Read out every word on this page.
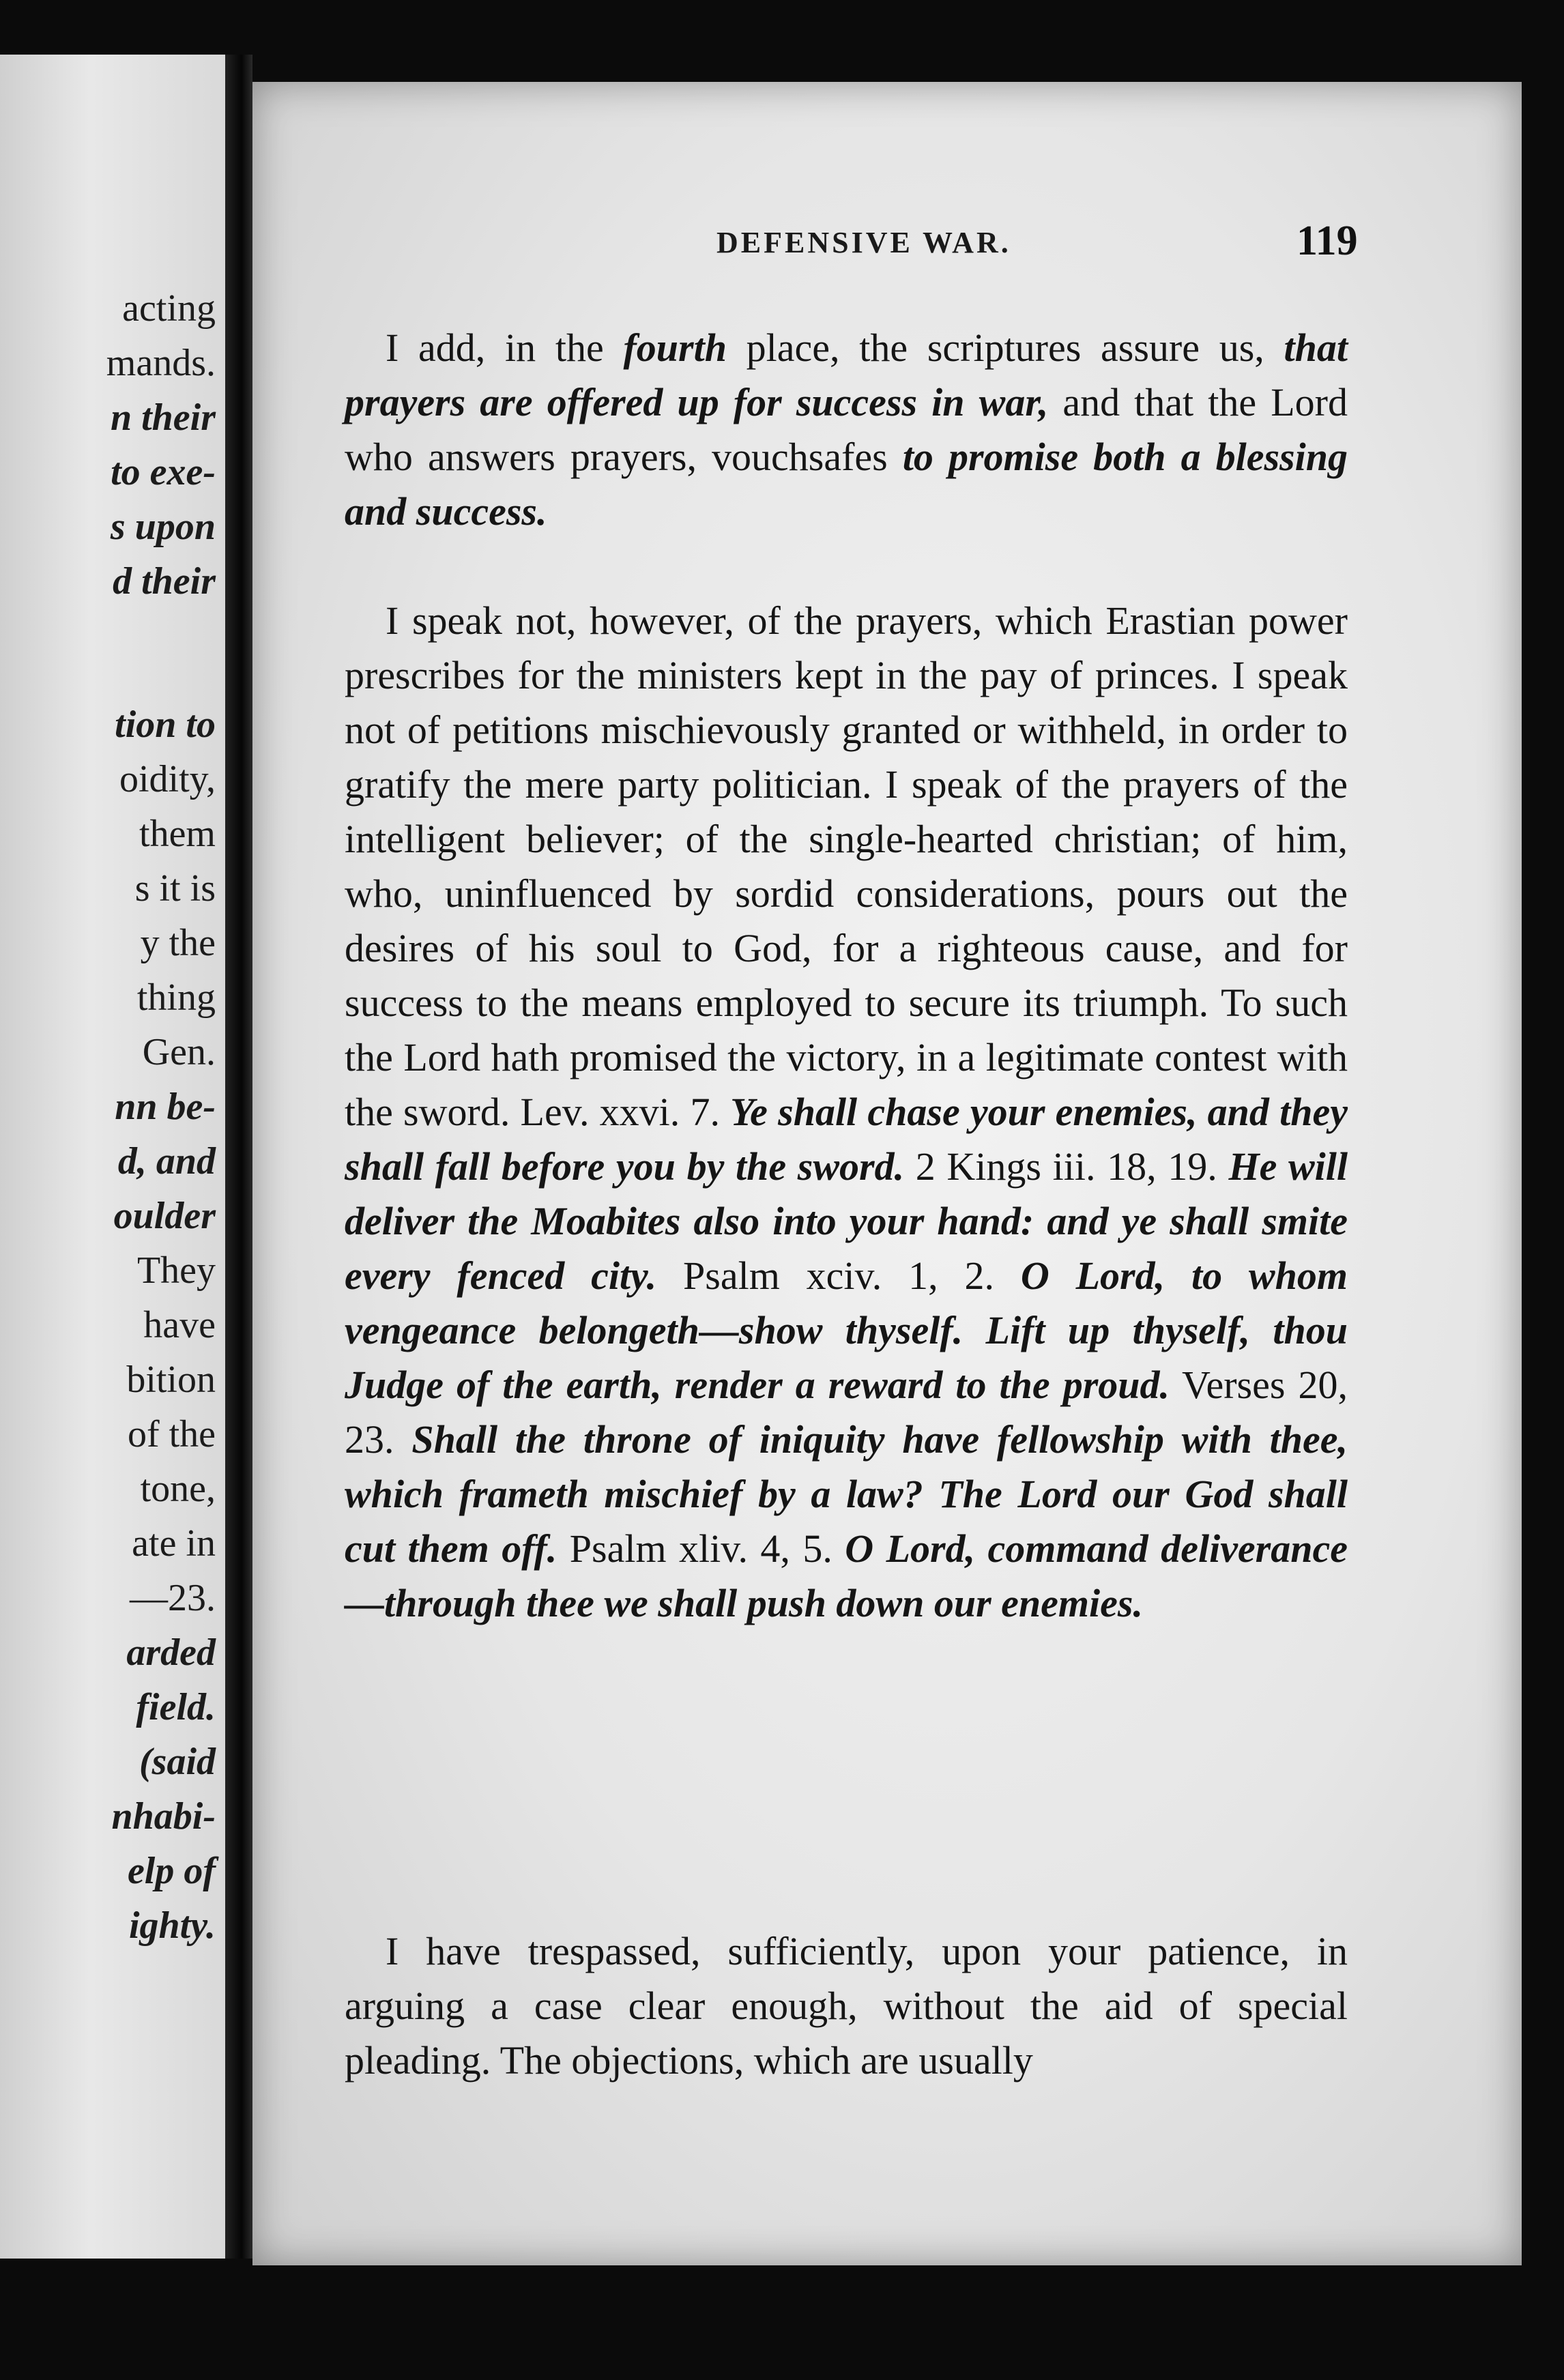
acting
mands.
n their
to exe-
s upon
d their
tion to
oidity,
them
s it is
y the
thing
Gen.
nn be-
d, and
oulder
They
have
bition
of the
tone,
ate in
—23.
arded
field.
(said
nhabi-
elp of
ighty.
DEFENSIVE WAR.	119
I add, in the fourth place, the scriptures assure us, that prayers are offered up for success in war, and that the Lord who answers prayers, vouchsafes to promise both a blessing and success.
I speak not, however, of the prayers, which Erastian power prescribes for the ministers kept in the pay of princes. I speak not of petitions mischievously granted or withheld, in order to gratify the mere party politician. I speak of the prayers of the intelligent believer; of the single-hearted christian; of him, who, uninfluenced by sordid considerations, pours out the desires of his soul to God, for a righteous cause, and for success to the means employed to secure its triumph. To such the Lord hath promised the victory, in a legitimate contest with the sword. Lev. xxvi. 7. Ye shall chase your enemies, and they shall fall before you by the sword. 2 Kings iii. 18, 19. He will deliver the Moabites also into your hand: and ye shall smite every fenced city. Psalm xciv. 1, 2. O Lord, to whom vengeance belongeth—show thyself. Lift up thyself, thou Judge of the earth, render a reward to the proud. Verses 20, 23. Shall the throne of iniquity have fellowship with thee, which frameth mischief by a law? The Lord our God shall cut them off. Psalm xliv. 4, 5. O Lord, command deliverance—through thee we shall push down our enemies.
I have trespassed, sufficiently, upon your patience, in arguing a case clear enough, without the aid of special pleading. The objections, which are usually
